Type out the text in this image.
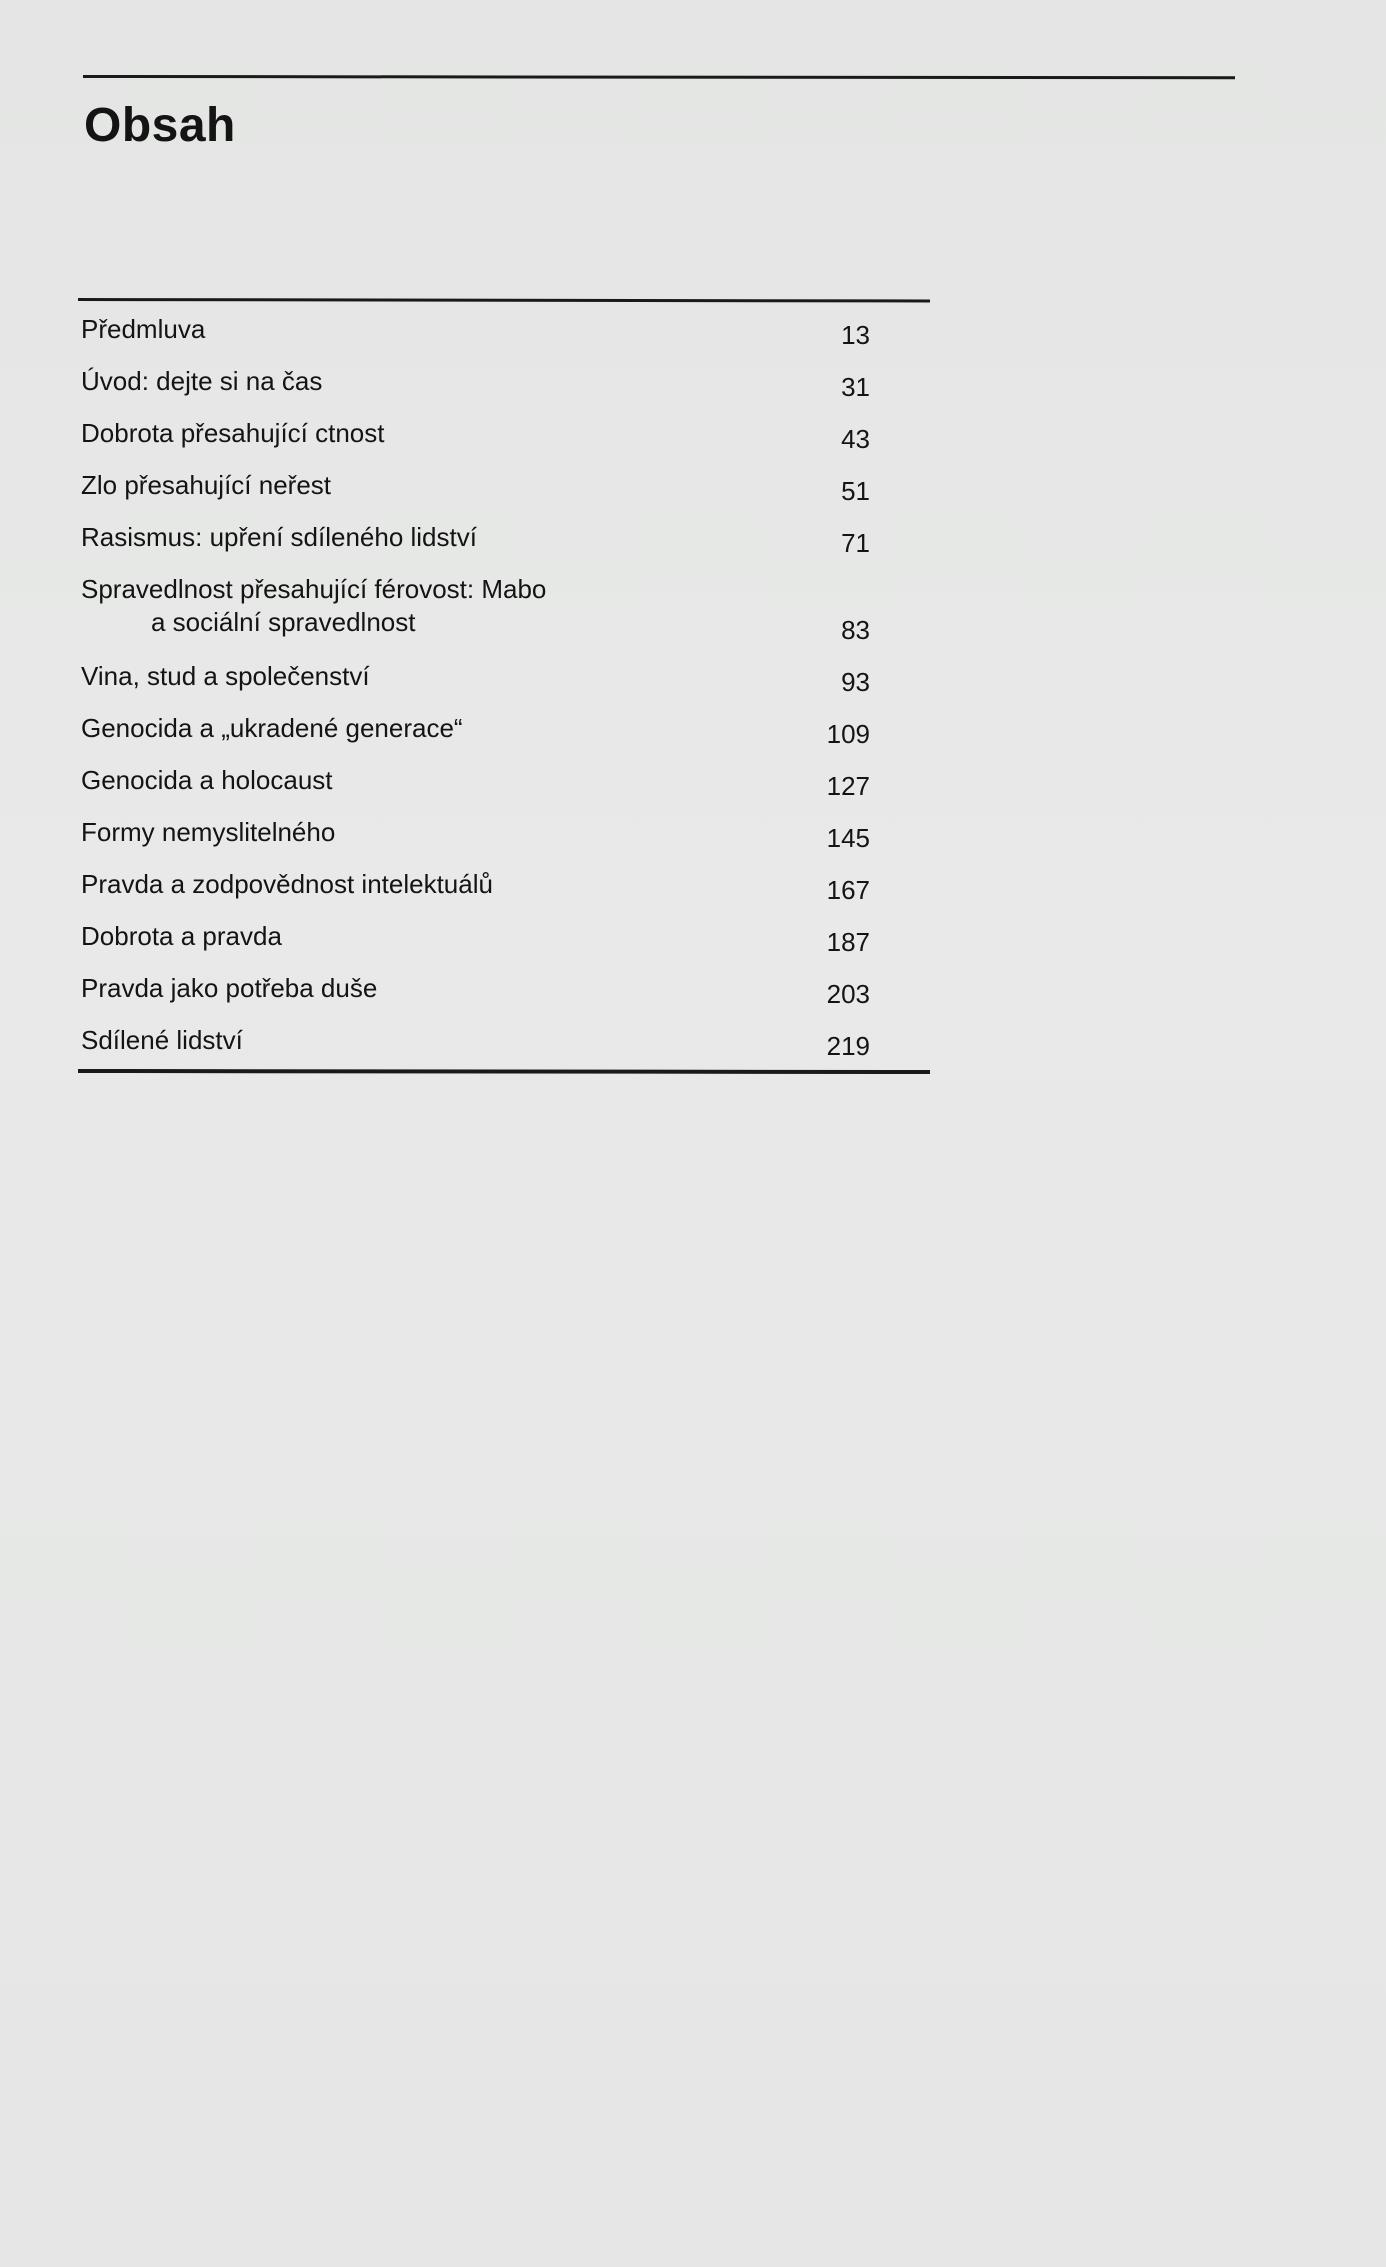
Obsah
Předmluva	13
Úvod: dejte si na čas	31
Dobrota přesahující ctnost	43
Zlo přesahující neřest	51
Rasismus: upření sdíleného lidství	71
Spravedlnost přesahující férovost: Mabo
a sociální spravedlnost	83
Vina, stud a společenství	93
Genocida a „ukradené generace“	109
Genocida a holocaust	127
Formy nemyslitelného	145
Pravda a zodpovědnost intelektuálů	167
Dobrota a pravda	187
Pravda jako potřeba duše	203
Sdílené lidství	219
